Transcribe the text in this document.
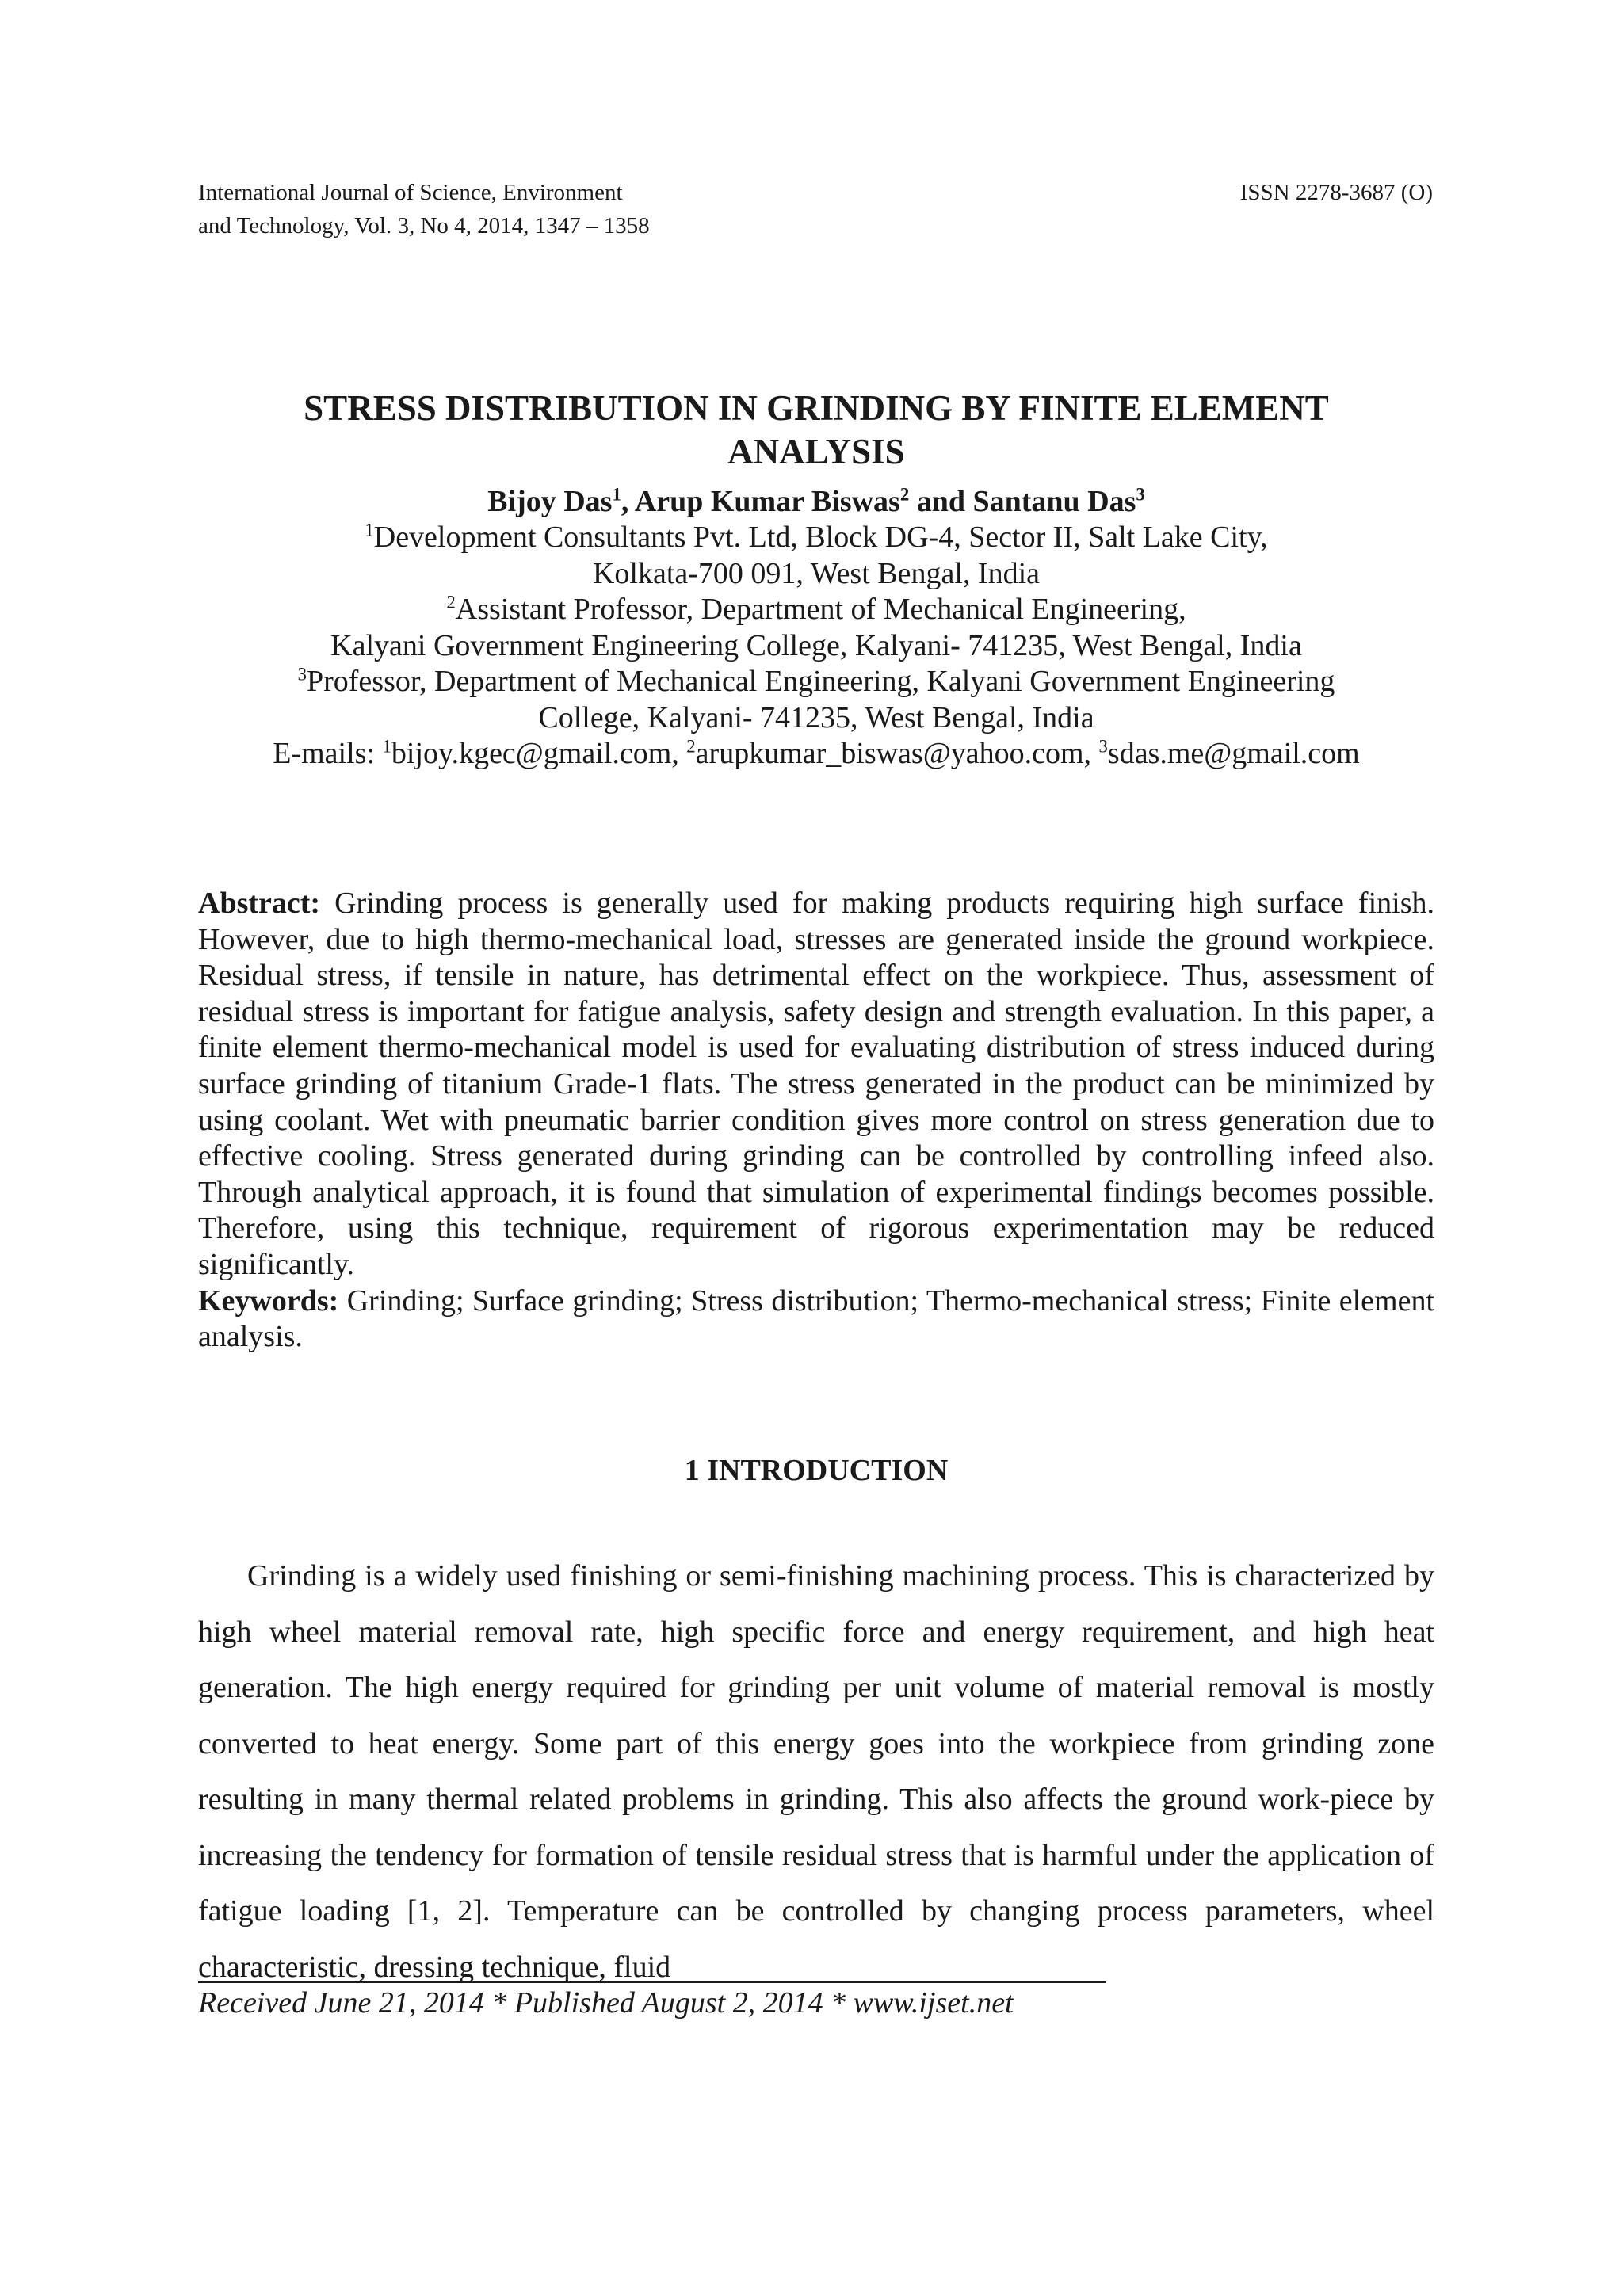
International Journal of Science, Environment
and Technology, Vol. 3, No 4, 2014, 1347 – 1358
ISSN 2278-3687 (O)
STRESS DISTRIBUTION IN GRINDING BY FINITE ELEMENT
ANALYSIS
Bijoy Das$^1$, Arup Kumar Biswas$^2$ and Santanu Das$^3$
$^1$Development Consultants Pvt. Ltd, Block DG-4, Sector II, Salt Lake City,
Kolkata-700 091, West Bengal, India
$^2$Assistant Professor, Department of Mechanical Engineering,
Kalyani Government Engineering College, Kalyani- 741235, West Bengal, India
$^3$Professor, Department of Mechanical Engineering, Kalyani Government Engineering
College, Kalyani- 741235, West Bengal, India
E-mails: $^1$bijoy.kgec@gmail.com, $^2$arupkumar_biswas@yahoo.com, $^3$sdas.me@gmail.com

Abstract: Grinding process is generally used for making products requiring high surface finish. However, due to high thermo-mechanical load, stresses are generated inside the ground workpiece. Residual stress, if tensile in nature, has detrimental effect on the workpiece. Thus, assessment of residual stress is important for fatigue analysis, safety design and strength evaluation. In this paper, a finite element thermo-mechanical model is used for evaluating distribution of stress induced during surface grinding of titanium Grade-1 flats. The stress generated in the product can be minimized by using coolant. Wet with pneumatic barrier condition gives more control on stress generation due to effective cooling. Stress generated during grinding can be controlled by controlling infeed also. Through analytical approach, it is found that simulation of experimental findings becomes possible. Therefore, using this technique, requirement of rigorous experimentation may be reduced significantly.

Keywords: Grinding; Surface grinding; Stress distribution; Thermo-mechanical stress; Finite element analysis.

1 INTRODUCTION

Grinding is a widely used finishing or semi-finishing machining process. This is characterized by high wheel material removal rate, high specific force and energy requirement, and high heat generation. The high energy required for grinding per unit volume of material removal is mostly converted to heat energy. Some part of this energy goes into the workpiece from grinding zone resulting in many thermal related problems in grinding. This also affects the ground work-piece by increasing the tendency for formation of tensile residual stress that is harmful under the application of fatigue loading [1, 2]. Temperature can be controlled by changing process parameters, wheel characteristic, dressing technique, fluid

Received June 21, 2014 * Published August 2, 2014 * www.ijset.net
